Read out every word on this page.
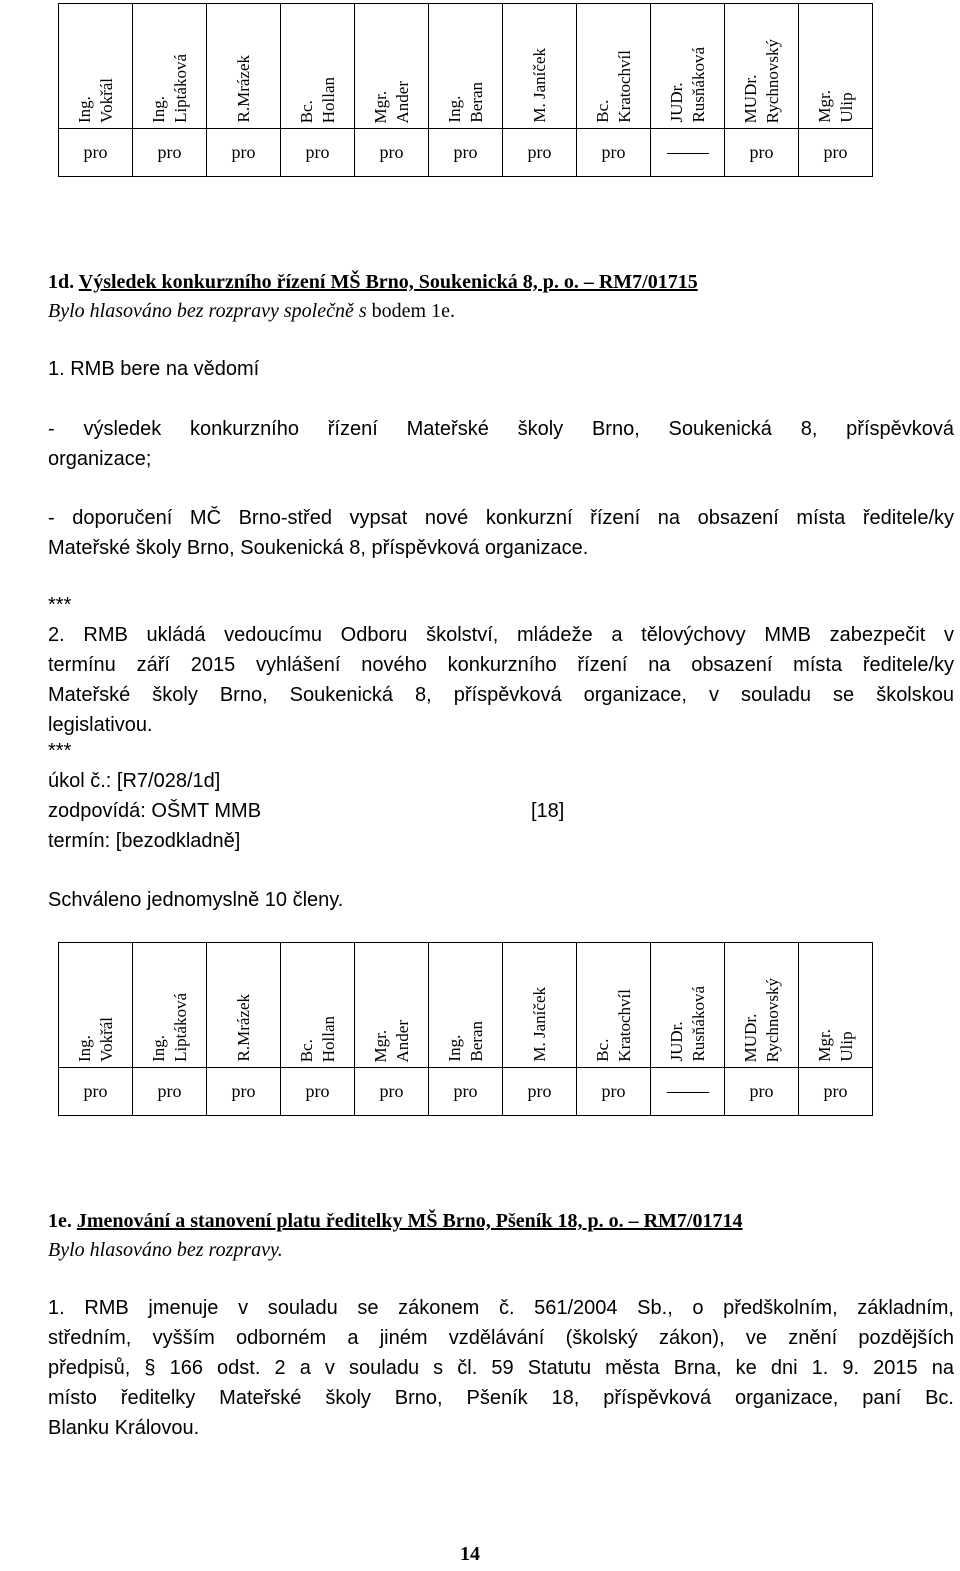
Ing. Vokřál	Ing. Liptáková	R.Mrázek	Bc. Hollan	Mgr. Ander	Ing. Beran	M. Janíček	Bc. Kratochvíl	JUDr. Rusňáková	MUDr. Rychnovský	Mgr. Ulip

pro	pro	pro	pro	pro	pro	pro	pro		pro	pro
1d. Výsledek konkurzního řízení MŠ Brno, Soukenická 8, p. o. – RM7/01715
Bylo hlasováno bez rozpravy společně s bodem 1e.
1. RMB bere na vědomí
- výsledek konkurzního řízení Mateřské školy Brno, Soukenická 8, příspěvková
organizace;
- doporučení MČ Brno-střed vypsat nové konkurzní řízení na obsazení místa ředitele/ky
Mateřské školy Brno, Soukenická 8, příspěvková organizace.
***
2. RMB ukládá vedoucímu Odboru školství, mládeže a tělovýchovy MMB zabezpečit v
termínu září 2015 vyhlášení nového konkurzního řízení na obsazení místa ředitele/ky
Mateřské školy Brno, Soukenická 8, příspěvková organizace, v souladu se školskou
legislativou.
***
úkol č.: [R7/028/1d]
zodpovídá: OŠMT MMB	[18]
termín: [bezodkladně]
Schváleno jednomyslně 10 členy.
Ing. Vokřál	Ing. Liptáková	R.Mrázek	Bc. Hollan	Mgr. Ander	Ing. Beran	M. Janíček	Bc. Kratochvíl	JUDr. Rusňáková	MUDr. Rychnovský	Mgr. Ulip

pro	pro	pro	pro	pro	pro	pro	pro		pro	pro
1e. Jmenování a stanovení platu ředitelky MŠ Brno, Pšeník 18, p. o. – RM7/01714
Bylo hlasováno bez rozpravy.
1. RMB jmenuje v souladu se zákonem č. 561/2004 Sb., o předškolním, základním,
středním, vyšším odborném a jiném vzdělávání (školský zákon), ve znění pozdějších
předpisů, § 166 odst. 2 a v souladu s čl. 59 Statutu města Brna, ke dni 1. 9. 2015 na
místo ředitelky Mateřské školy Brno, Pšeník 18, příspěvková organizace, paní Bc.
Blanku Královou.
14
